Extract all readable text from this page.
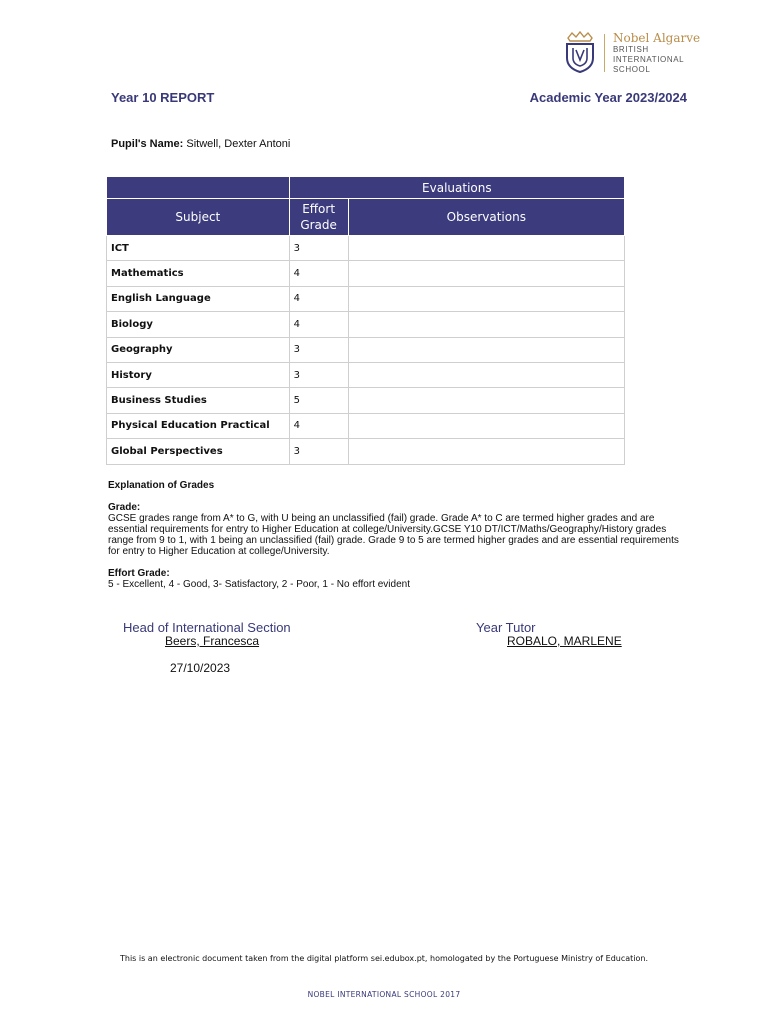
Nobel Algarve
BRITISH
INTERNATIONAL
SCHOOL
Year 10 REPORT	Academic Year 2023/2024
Pupil's Name: Sitwell, Dexter Antoni
	Evaluations	
Subject	Effort Grade	Observations
ICT	3	
Mathematics	4	
English Language	4	
Biology	4	
Geography	3	
History	3	
Business Studies	5	
Physical Education Practical	4	
Global Perspectives	3	

Explanation of Grades

Grade:

GCSE grades range from A* to G, with U being an unclassified (fail) grade. Grade A* to C are termed higher grades and are essential requirements for entry to Higher Education at college/University.GCSE Y10 DT/ICT/Maths/Geography/History grades range from 9 to 1, with 1 being an unclassified (fail) grade. Grade 9 to 5 are termed higher grades and are essential requirements for entry to Higher Education at college/University.

Effort Grade:

5 - Excellent, 4 - Good, 3- Satisfactory, 2 - Poor, 1 - No effort evident

Head of International Section
Beers, Francesca
Year Tutor
ROBALO, MARLENE
27/10/2023
This is an electronic document taken from the digital platform sei.edubox.pt, homologated by the Portuguese Ministry of Education.
NOBEL INTERNATIONAL SCHOOL 2017
